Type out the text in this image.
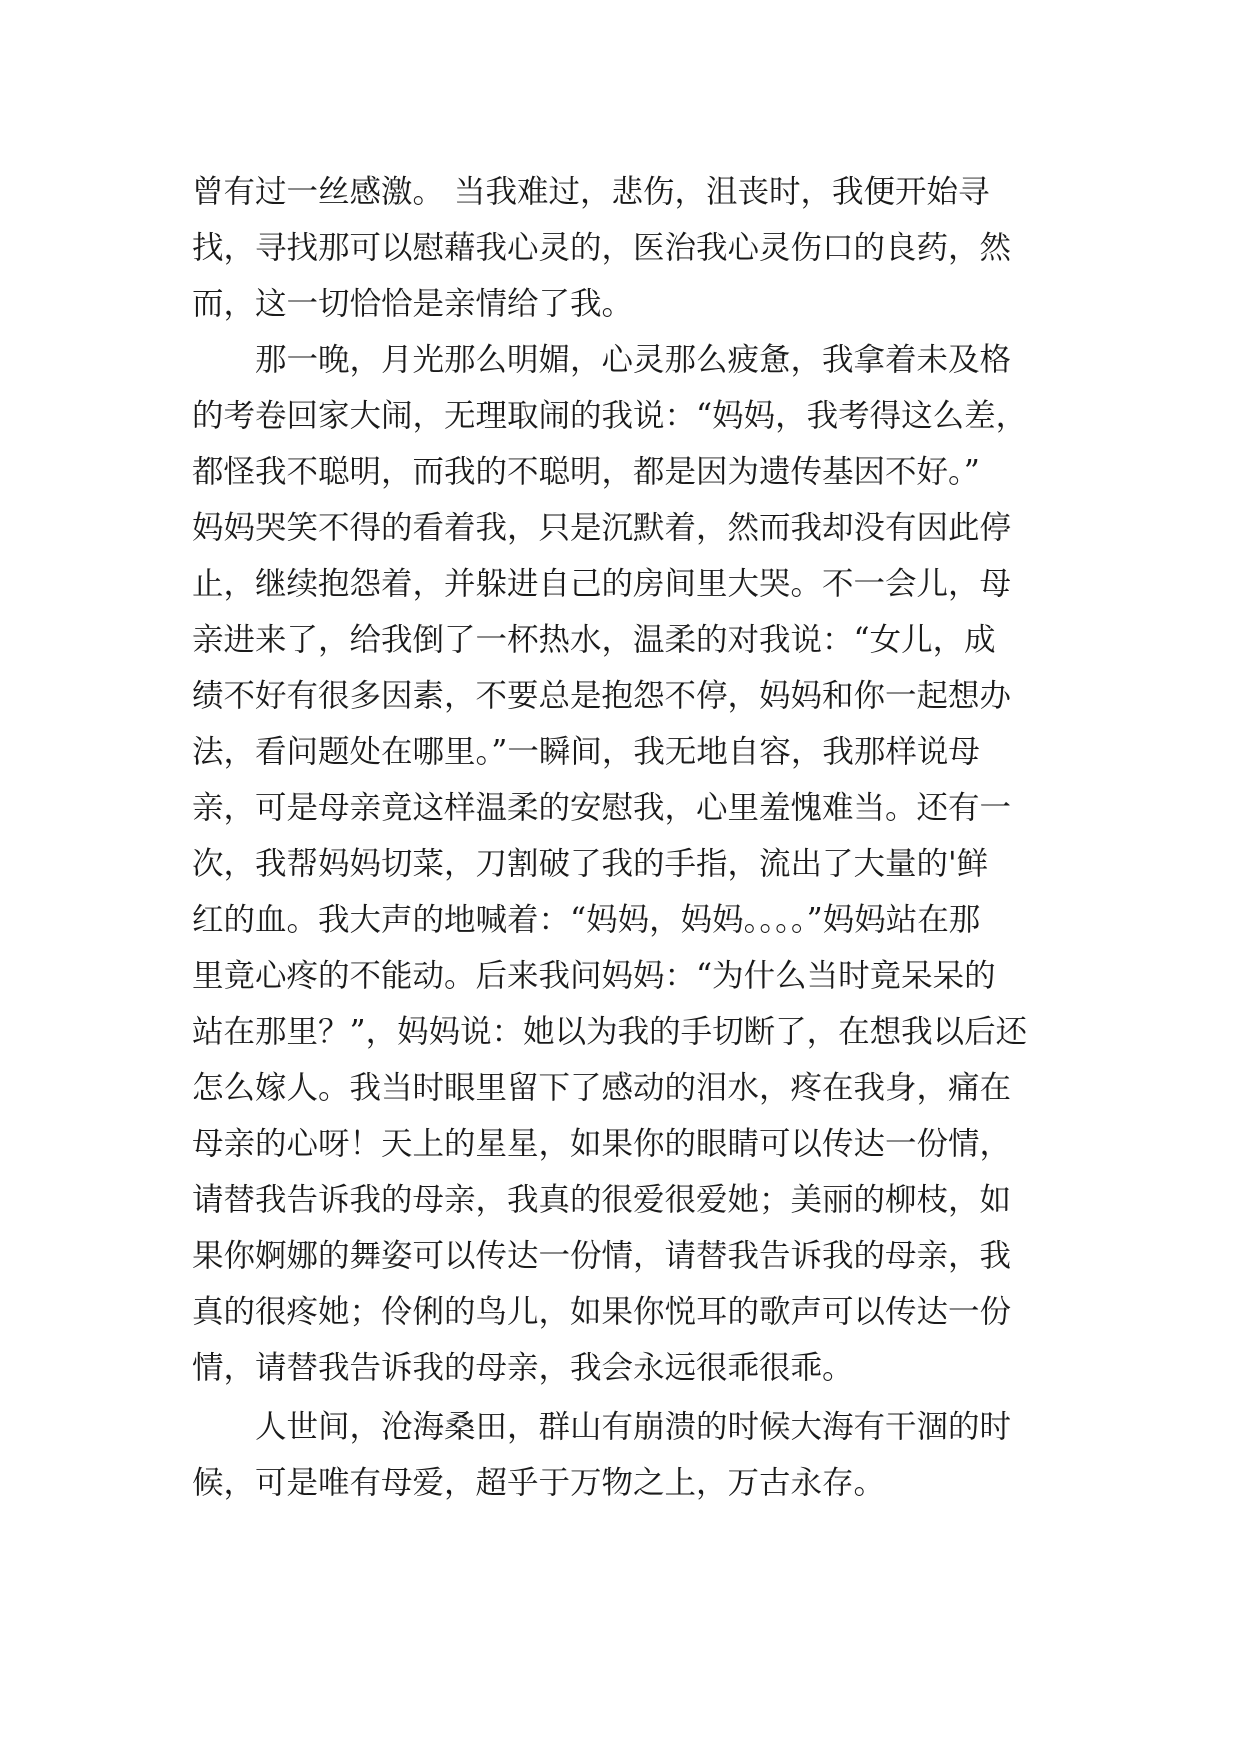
曾有过一丝感激。 当我难过，悲伤，沮丧时，我便开始寻
找，寻找那可以慰藉我心灵的，医治我心灵伤口的良药，然
而，这一切恰恰是亲情给了我。
那一晚，月光那么明媚，心灵那么疲惫，我拿着未及格
的考卷回家大闹，无理取闹的我说：“妈妈，我考得这么差，
都怪我不聪明，而我的不聪明，都是因为遗传基因不好。”
妈妈哭笑不得的看着我，只是沉默着，然而我却没有因此停
止，继续抱怨着，并躲进自己的房间里大哭。不一会儿，母
亲进来了，给我倒了一杯热水，温柔的对我说：“女儿，成
绩不好有很多因素，不要总是抱怨不停，妈妈和你一起想办
法，看问题处在哪里。”一瞬间，我无地自容，我那样说母
亲，可是母亲竟这样温柔的安慰我，心里羞愧难当。还有一
次，我帮妈妈切菜，刀割破了我的手指，流出了大量的'鲜
红的血。我大声的地喊着：“妈妈，妈妈。。。。”妈妈站在那
里竟心疼的不能动。后来我问妈妈：“为什么当时竟呆呆的
站在那里？”，妈妈说：她以为我的手切断了，在想我以后还
怎么嫁人。我当时眼里留下了感动的泪水，疼在我身，痛在
母亲的心呀！天上的星星，如果你的眼睛可以传达一份情，
请替我告诉我的母亲，我真的很爱很爱她；美丽的柳枝，如
果你婀娜的舞姿可以传达一份情，请替我告诉我的母亲，我
真的很疼她；伶俐的鸟儿，如果你悦耳的歌声可以传达一份
情，请替我告诉我的母亲，我会永远很乖很乖。
人世间，沧海桑田，群山有崩溃的时候大海有干涸的时
候，可是唯有母爱，超乎于万物之上，万古永存。
